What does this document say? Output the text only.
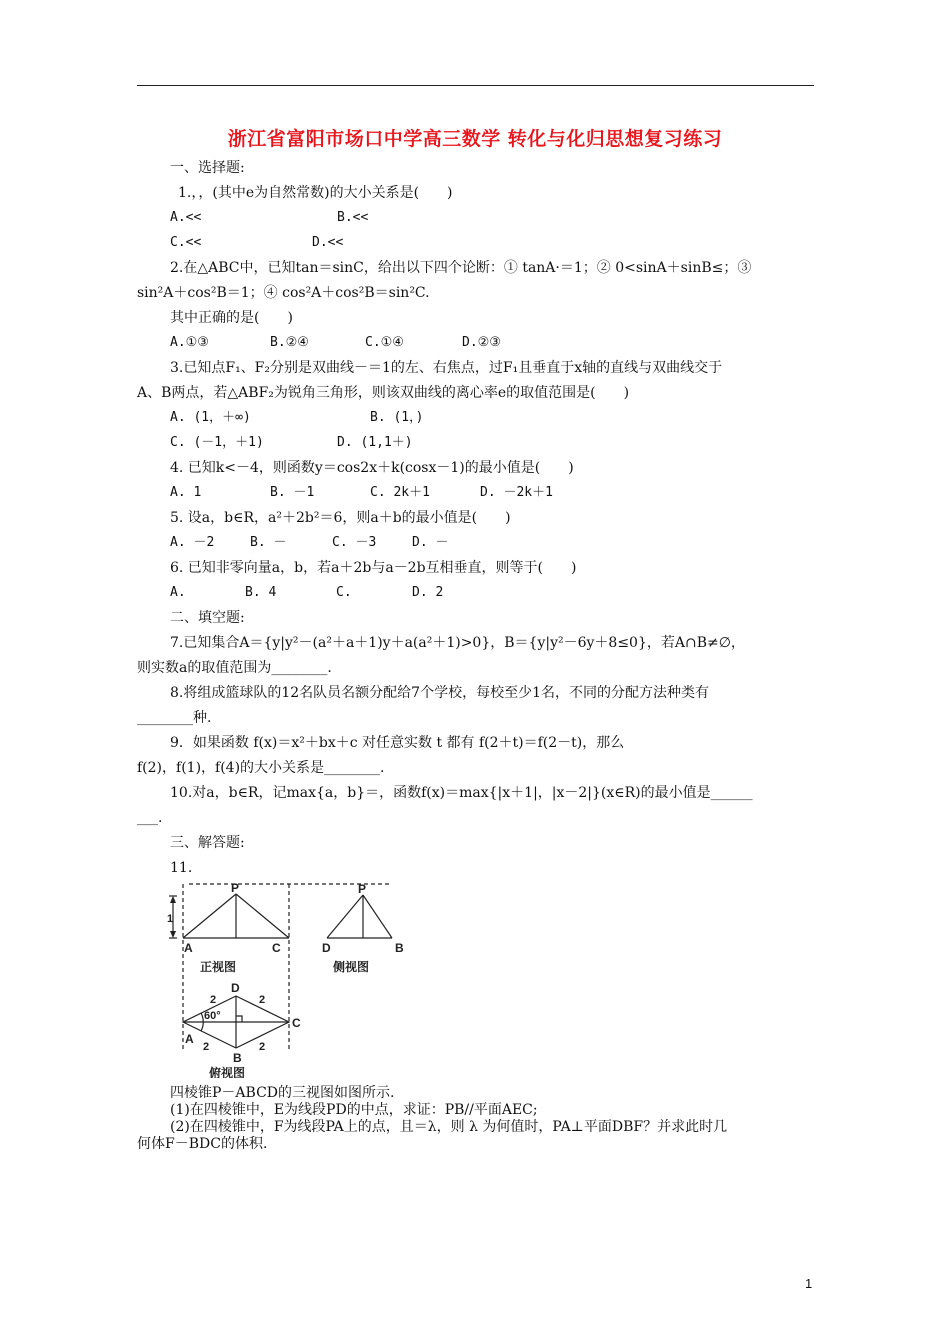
浙江省富阳市场口中学高三数学 转化与化归思想复习练习
一、选择题:
1.，，(其中e为自然常数)的大小关系是(　　)
A.<<	B.<<
C.<<	D.<<
2.在△ABC中，已知tan＝sinC，给出以下四个论断：① tanA·＝1；② 0<sinA＋sinB≤；③
sin²A＋cos²B＝1；④ cos²A＋cos²B＝sin²C.
其中正确的是(　　)
A.①③	B.②④	C.①④	D.②③
3.已知点F₁、F₂分别是双曲线－＝1的左、右焦点，过F₁且垂直于x轴的直线与双曲线交于
A、B两点，若△ABF₂为锐角三角形，则该双曲线的离心率e的取值范围是(　　)
A. (1，＋∞)	B. (1，)
C. (－1，＋1)	D. (1,1＋)
4. 已知k<－4，则函数y＝cos2x＋k(cosx－1)的最小值是(　　)
A. 1	B. －1	C. 2k＋1	D. －2k＋1
5. 设a，b∈R，a²＋2b²＝6，则a＋b的最小值是(　　)
A. －2	B. －	C. －3	D. －
6. 已知非零向量a，b，若a＋2b与a－2b互相垂直，则等于(　　)
A.	B. 4	C.	D. 2
二、填空题:
7.已知集合A＝{y|y²－(a²＋a＋1)y＋a(a²＋1)>0}，B＝{y|y²－6y＋8≤0}，若A∩B≠∅，
则实数a的取值范围为________.
8.将组成篮球队的12名队员名额分配给7个学校，每校至少1名，不同的分配方法种类有
________种.
9．如果函数 f(x)＝x²＋bx＋c 对任意实数 t 都有 f(2＋t)＝f(2－t)，那么
f(2)，f(1)，f(4)的大小关系是________.
10.对a，b∈R，记max{a，b}＝，函数f(x)＝max{|x＋1|，|x－2|}(x∈R)的最小值是______
___.
三、解答题:
11.
P
A	C
1
正视图
P
D	B
侧视图
D
C
A
B
2	2
2	2
60°
俯视图
四棱锥P－ABCD的三视图如图所示.
(1)在四棱锥中，E为线段PD的中点，求证：PB//平面AEC;
(2)在四棱锥中，F为线段PA上的点，且＝λ，则 λ 为何值时，PA⊥平面DBF？并求此时几
何体F－BDC的体积.
1
